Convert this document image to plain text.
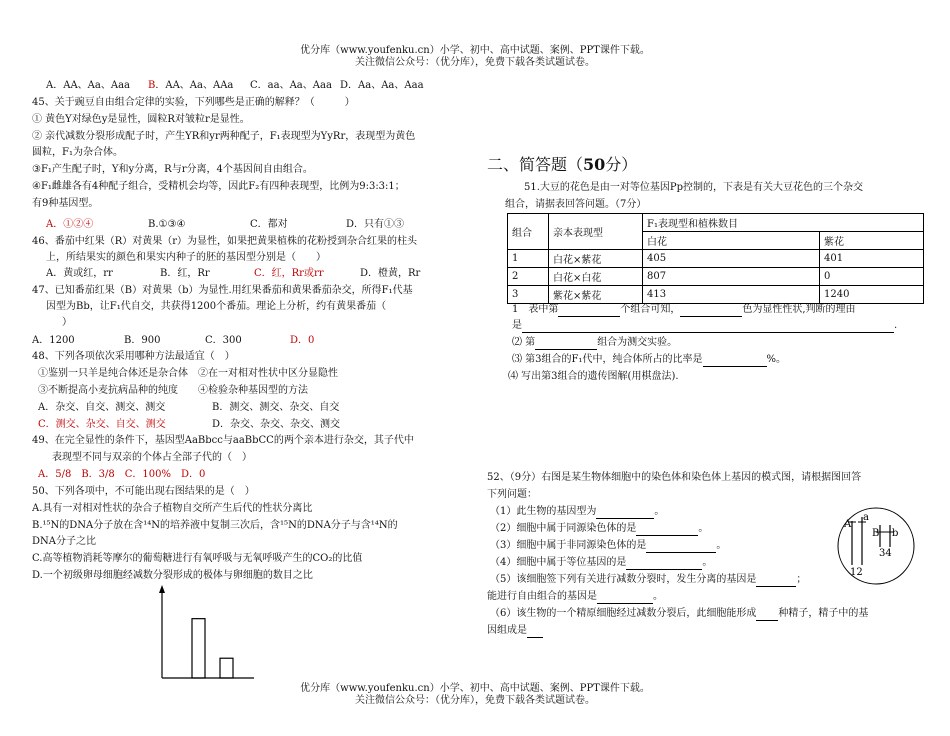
优分库（www.youfenku.cn）小学、初中、高中试题、案例、PPT课件下载。
关注微信公众号：（优分库），免费下载各类试题试卷。
A．AA、Aa、Aaa B．AA、Aa、AAa C．aa、Aa、Aaa D．Aa、Aa、Aaa
45、关于豌豆自由组合定律的实验，下列哪些是正确的解释？（　　　）
① 黄色Y对绿色y是显性，圆粒R对皱粒r是显性。
② 亲代减数分裂形成配子时，产生YR和yr两种配子，F₁表现型为YyRr，表现型为黄色
圆粒，F₁为杂合体。
③F₁产生配子时，Y和y分离，R与r分离，4个基因间自由组合。
④F₁雌雄各有4种配子组合，受精机会均等，因此F₂有四种表现型，比例为9:3:3:1；
有9种基因型。
A．①②④	B.①③④	C．都对	D．只有①③
46、番茄中红果（R）对黄果（r）为显性，如果把黄果植株的花粉授到杂合红果的柱头
上，所结果实的颜色和果实内种子的胚的基因型分别是（　　）
A．黄或红，rr	B．红，Rr	C．红，Rr或rr	D．橙黄，Rr
47、已知番茄红果（B）对黄果（b）为显性.用红果番茄和黄果番茄杂交，所得F₁代基
因型为Bb，让F₁代自交，共获得1200个番茄。理论上分析，约有黄果番茄（
）
A．1200	B．900	C．300	D．0
48、下列各项依次采用哪种方法最适宜（　）
①鉴别一只羊是纯合体还是杂合体　②在一对相对性状中区分显隐性
③不断提高小麦抗病品种的纯度　　④检验杂种基因型的方法
A．杂交、自交、测交、测交	B．测交、测交、杂交、自交
C．测交、杂交、自交、测交	D．杂交、杂交、杂交、测交
49、在完全显性的条件下，基因型AaBbcc与aaBbCC的两个亲本进行杂交，其子代中
表现型不同与双亲的个体占全部子代的（　）
A．5/8　B．3/8　C．100%　D．0
50、下列各项中，不可能出现右图结果的是（　）
A.具有一对相对性状的杂合子植物自交所产生后代的性状分离比
B.¹⁵N的DNA分子放在含¹⁴N的培养液中复制三次后，含¹⁵N的DNA分子与含¹⁴N的
DNA分子之比
C.高等植物消耗等摩尔的葡萄糖进行有氧呼吸与无氧呼吸产生的CO₂的比值
D.一个初级卵母细胞经减数分裂形成的极体与卵细胞的数目之比
二、简答题（50分）
51.大豆的花色是由一对等位基因Pp控制的，下表是有关大豆花色的三个杂交
组合，请据表回答问题。（7分）
组合	亲本表现型	F₁表现型和植株数目	
		白花	紫花
1	白花×紫花	405	401
2	白花×白花	807	0
3	紫花×紫花	413	1240
1　表中第	个组合可知，	色为显性性状,判断的理由
是	.
⑵ 第	组合为测交实验。
⑶ 第3组合的F₁代中，纯合体所占的比率是	%。
⑷ 写出第3组合的遗传图解(用棋盘法).
52、（9分）右图是某生物体细胞中的染色体和染色体上基因的模式图，请根据图回答
下列问题：
（1）此生物的基因型为	。
（2）细胞中属于同源染色体的是	。
（3）细胞中属于非同源染色体的是	。
（4）细胞中属于等位基因的是	。
（5）该细胞签下列有关进行减数分裂时，发生分离的基因是	；
能进行自由组合的基因是	。
（6）该生物的一个精原细胞经过减数分裂后，此细胞能形成 种精子，精子中的基
因组成是
A
a
B b
34
12
优分库（www.youfenku.cn）小学、初中、高中试题、案例、PPT课件下载。
关注微信公众号：（优分库），免费下载各类试题试卷。
